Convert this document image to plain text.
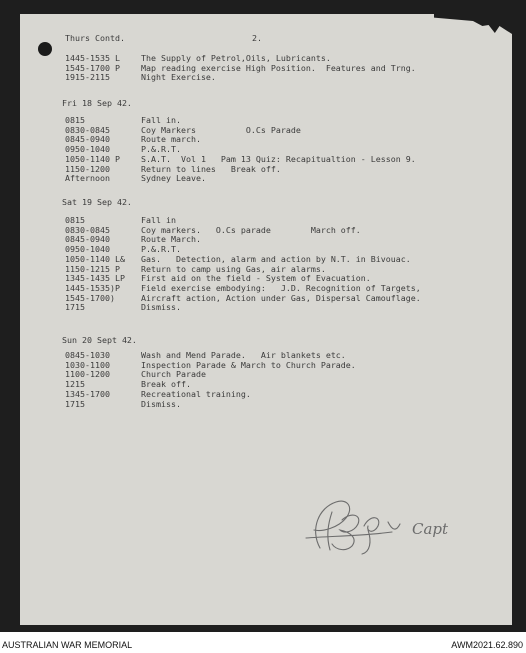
Thurs Contd.	2.
1445-1535 L	The Supply of Petrol,Oils, Lubricants.
1545-1700 P	Map reading exercise High Position.  Features and Trng.
1915-2115	Night Exercise.
Fri 18 Sep 42.
0815	Fall in.
0830-0845	Coy Markers          O.Cs Parade
0845-0940	Route march.
0950-1040	P.&.R.T.
1050-1140 P	S.A.T.  Vol 1   Pam 13 Quiz: Recapitualtion - Lesson 9.
1150-1200	Return to lines   Break off.
Afternoon	Sydney Leave.
Sat 19 Sep 42.
0815	Fall in
0830-0845	Coy markers.   O.Cs parade        March off.
0845-0940	Route March.
0950-1040	P.&.R.T.
1050-1140 L& Gas.   Detection, alarm and action by N.T. in Bivouac.
1150-1215 P	Return to camp using Gas, air alarms.
1345-1435 LP First aid on the field - System of Evacuation.
1445-1535)P	Field exercise embodying:   J.D. Recognition of Targets,
1545-1700)	Aircraft action, Action under Gas, Dispersal Camouflage.
1715	Dismiss.
Sun 20 Sept 42.
0845-1030	Wash and Mend Parade.   Air blankets etc.
1030-1100	Inspection Parade & March to Church Parade.
1100-1200	Church Parade
1215	Break off.
1345-1700	Recreational training.
1715	Dismiss.
Capt
AUSTRALIAN WAR MEMORIAL	AWM2021.62.890
